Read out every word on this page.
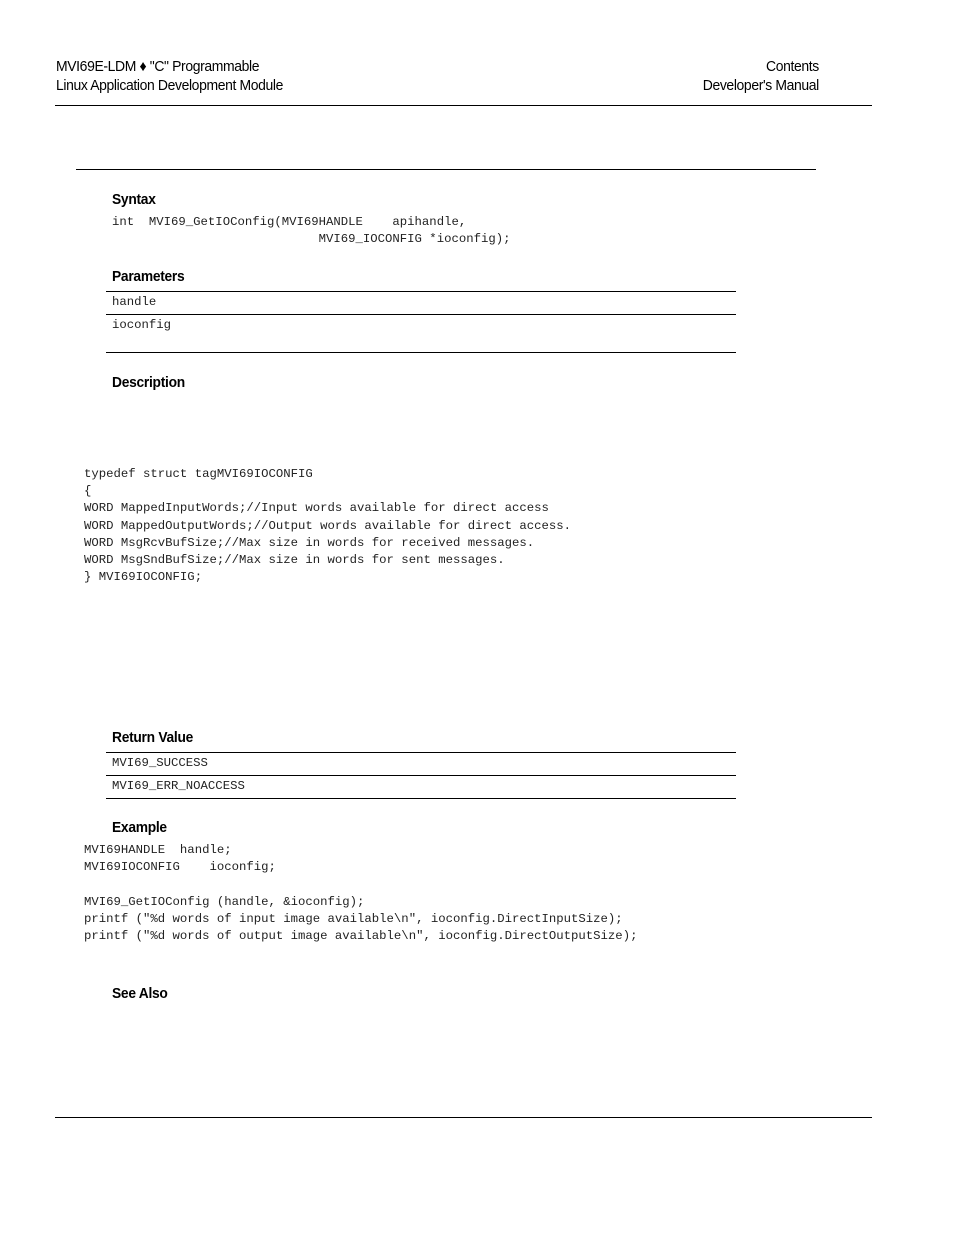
MVI69E-LDM ♦ "C" Programmable
Linux Application Development Module
Contents
Developer's Manual
Syntax
int  MVI69_GetIOConfig(MVI69HANDLE    apihandle,
MVI69_IOCONFIG *ioconfig);
Parameters
handle
ioconfig
Description
typedef struct tagMVI69IOCONFIG
{
WORD MappedInputWords;//Input words available for direct access
WORD MappedOutputWords;//Output words available for direct access.
WORD MsgRcvBufSize;//Max size in words for received messages.
WORD MsgSndBufSize;//Max size in words for sent messages.
} MVI69IOCONFIG;
Return Value
MVI69_SUCCESS
MVI69_ERR_NOACCESS
Example
MVI69HANDLE  handle;
MVI69IOCONFIG    ioconfig;

MVI69_GetIOConfig (handle, &ioconfig);
printf ("%d words of input image available\n", ioconfig.DirectInputSize);
printf ("%d words of output image available\n", ioconfig.DirectOutputSize);
See Also
